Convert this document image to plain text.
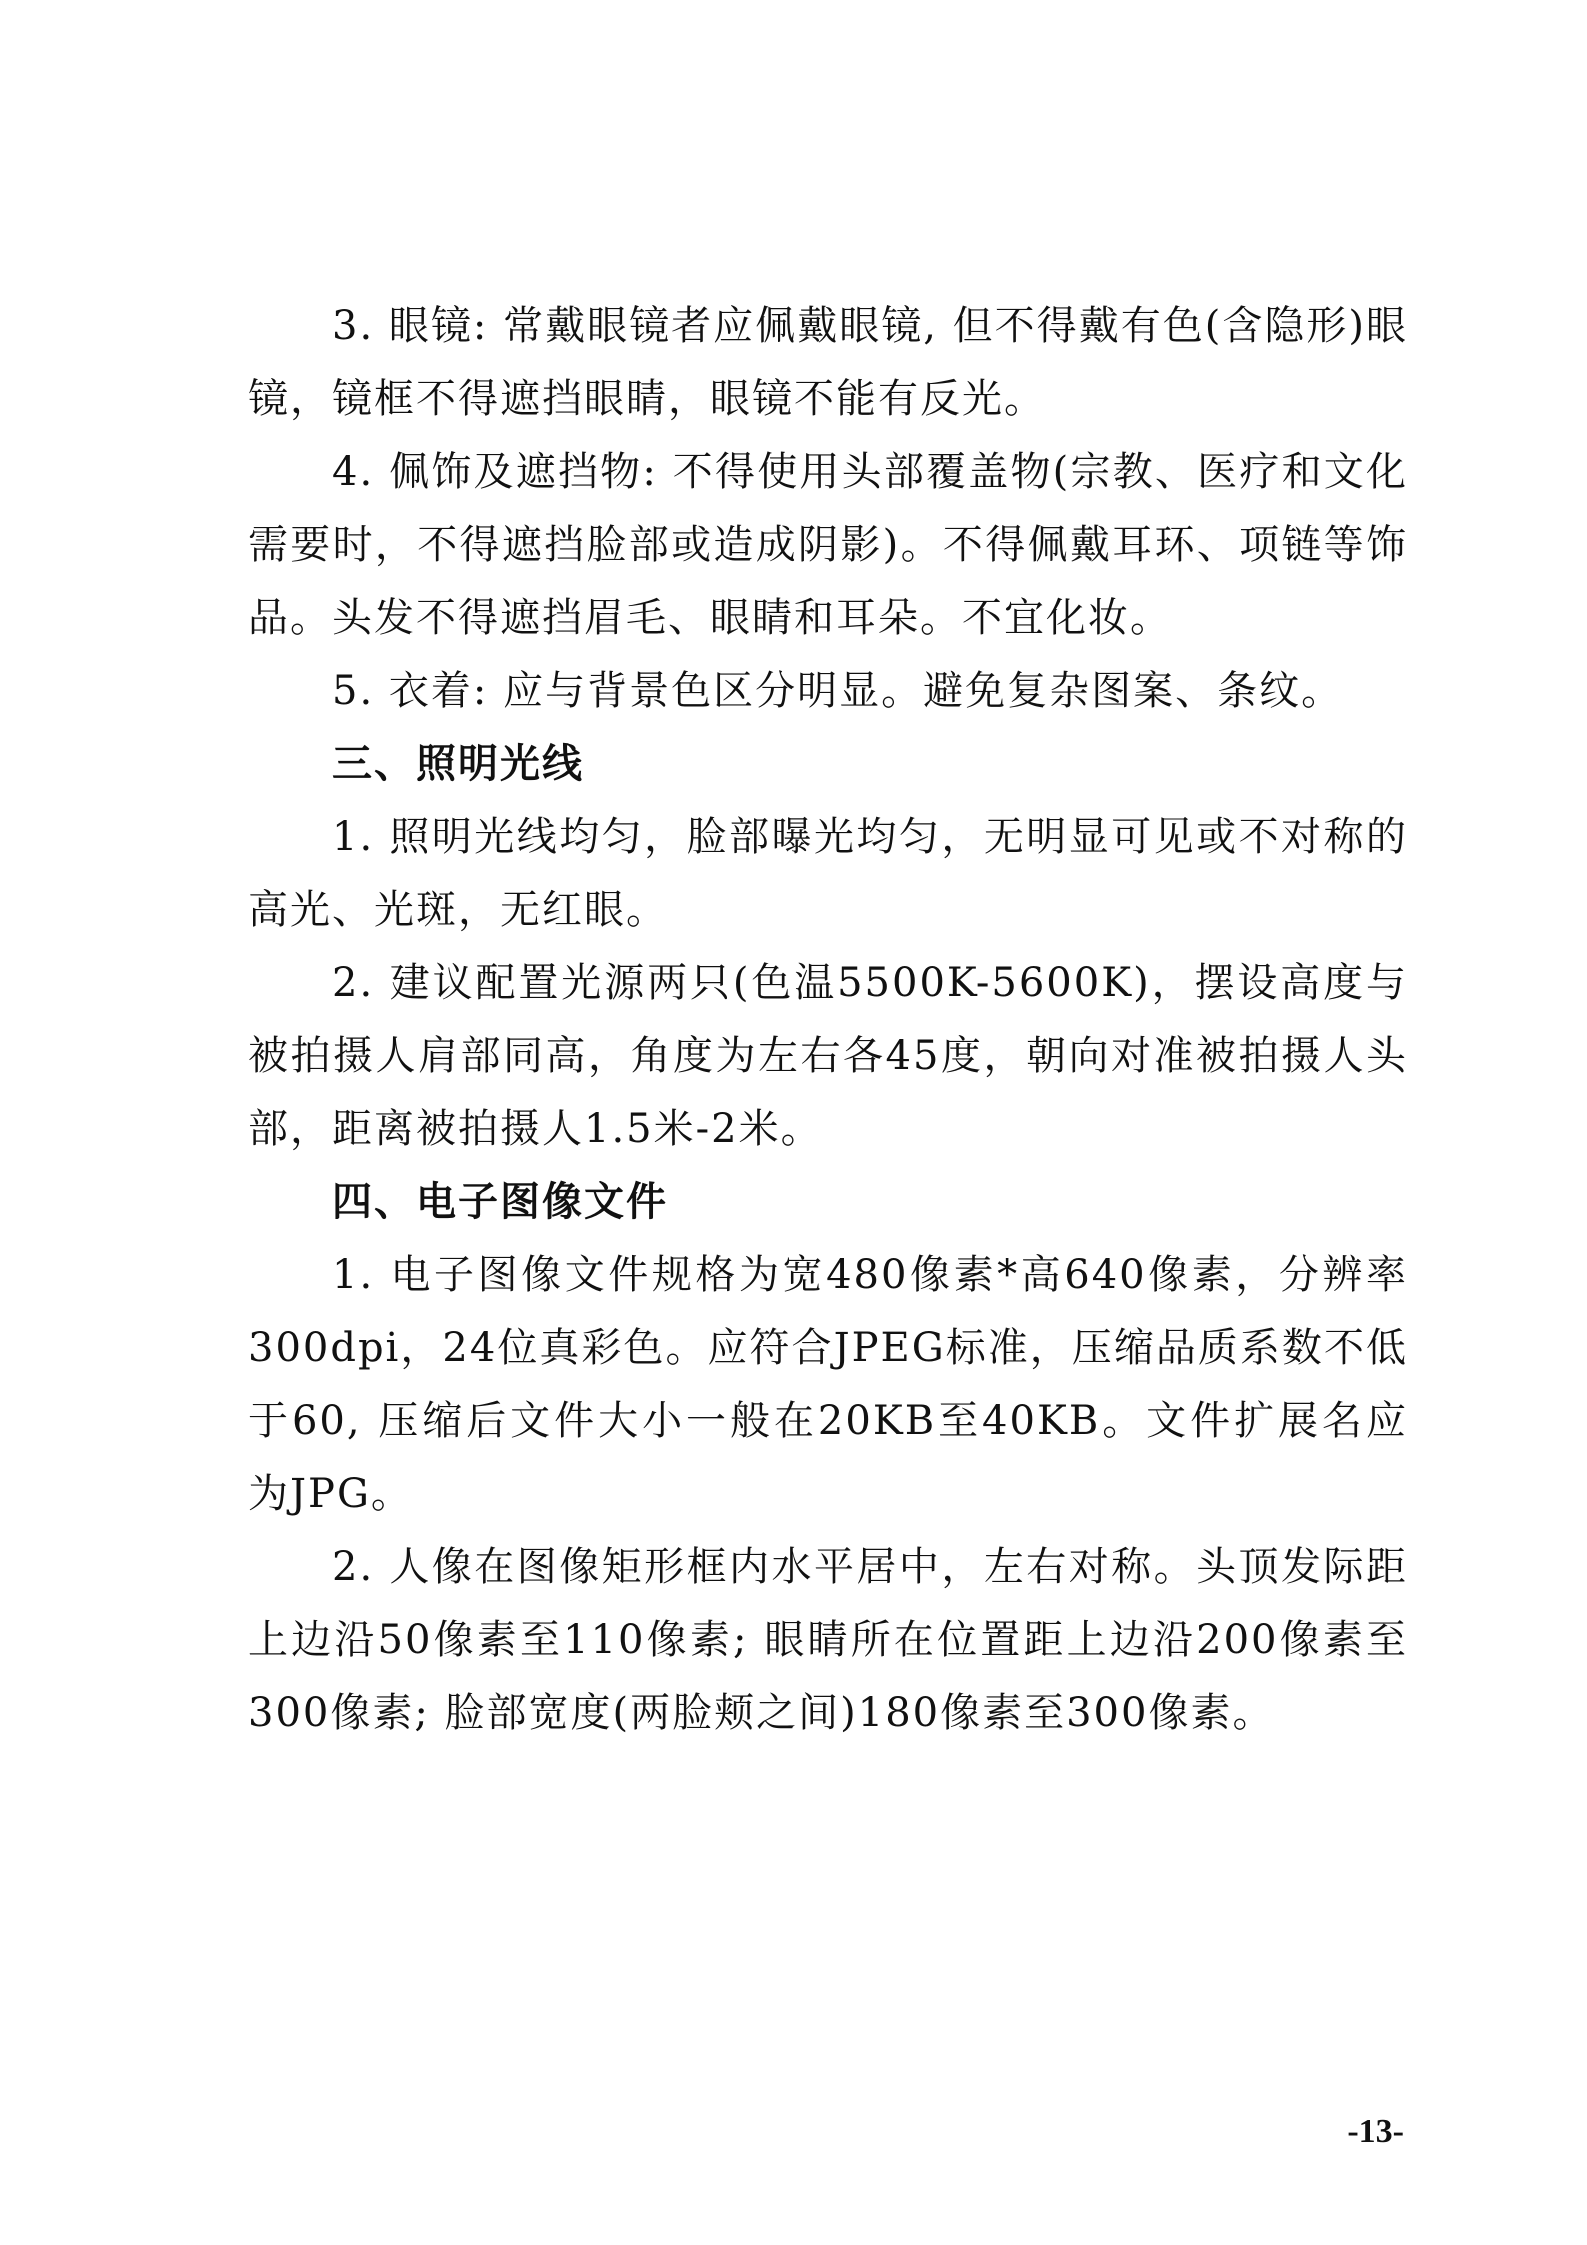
3. 眼镜: 常戴眼镜者应佩戴眼镜, 但不得戴有色(含隐形)眼镜，镜框不得遮挡眼睛，眼镜不能有反光。

4. 佩饰及遮挡物: 不得使用头部覆盖物(宗教、医疗和文化需要时，不得遮挡脸部或造成阴影)。不得佩戴耳环、项链等饰品。头发不得遮挡眉毛、眼睛和耳朵。不宜化妆。

5. 衣着: 应与背景色区分明显。避免复杂图案、条纹。

三、照明光线

1. 照明光线均匀，脸部曝光均匀，无明显可见或不对称的高光、光斑，无红眼。

2. 建议配置光源两只(色温5500K-5600K)，摆设高度与被拍摄人肩部同高，角度为左右各45度，朝向对准被拍摄人头部，距离被拍摄人1.5米-2米。

四、电子图像文件

1. 电子图像文件规格为宽480像素*高640像素，分辨率300dpi，24位真彩色。应符合JPEG标准，压缩品质系数不低于60, 压缩后文件大小一般在20KB至40KB。文件扩展名应为JPG。

2. 人像在图像矩形框内水平居中，左右对称。头顶发际距上边沿50像素至110像素; 眼睛所在位置距上边沿200像素至300像素; 脸部宽度(两脸颊之间)180像素至300像素。

-13-
